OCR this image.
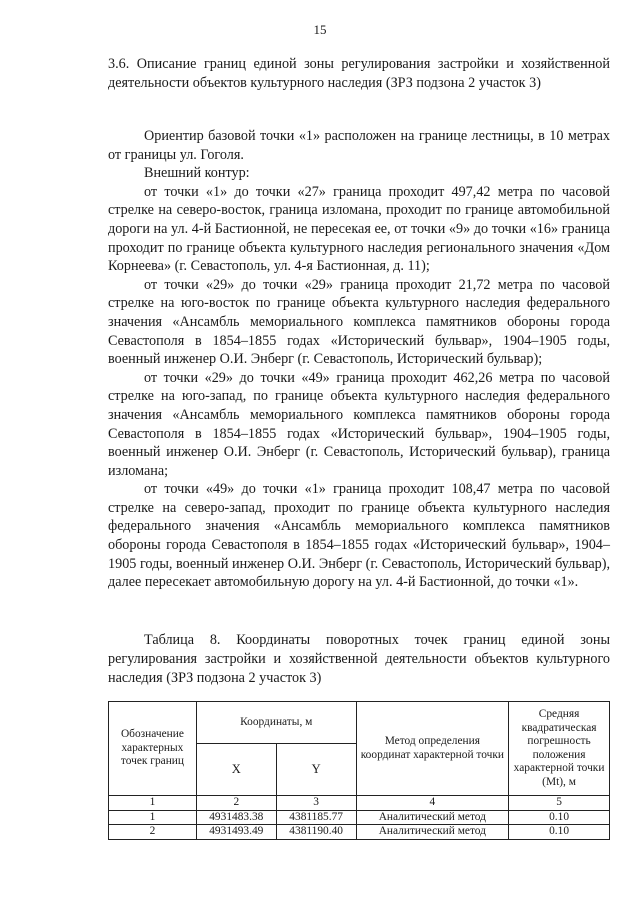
15
3.6. Описание границ единой зоны регулирования застройки и хозяйственной деятельности объектов культурного наследия (ЗРЗ подзона 2 участок 3)

Ориентир базовой точки «1» расположен на границе лестницы, в 10 метрах от границы ул. Гоголя.

Внешний контур:

от точки «1» до точки «27» граница проходит 497,42 метра по часовой стрелке на северо-восток, граница изломана, проходит по границе автомобильной дороги на ул. 4-й Бастионной, не пересекая ее, от точки «9» до точки «16» граница проходит по границе объекта культурного наследия регионального значения «Дом Корнеева» (г. Севастополь, ул. 4-я Бастионная, д. 11);

от точки «29» до точки «29» граница проходит 21,72 метра по часовой стрелке на юго-восток по границе объекта культурного наследия федерального значения «Ансамбль мемориального комплекса памятников обороны города Севастополя в 1854–1855 годах «Исторический бульвар», 1904–1905 годы, военный инженер О.И. Энберг (г. Севастополь, Исторический бульвар);

от точки «29» до точки «49» граница проходит 462,26 метра по часовой стрелке на юго-запад, по границе объекта культурного наследия федерального значения «Ансамбль мемориального комплекса памятников обороны города Севастополя в 1854–1855 годах «Исторический бульвар», 1904–1905 годы, военный инженер О.И. Энберг (г. Севастополь, Исторический бульвар), граница изломана;

от точки «49» до точки «1» граница проходит 108,47 метра по часовой стрелке на северо-запад, проходит по границе объекта культурного наследия федерального значения «Ансамбль мемориального комплекса памятников обороны города Севастополя в 1854–1855 годах «Исторический бульвар», 1904–1905 годы, военный инженер О.И. Энберг (г. Севастополь, Исторический бульвар), далее пересекает автомобильную дорогу на ул. 4-й Бастионной, до точки «1».

Таблица 8. Координаты поворотных точек границ единой зоны регулирования застройки и хозяйственной деятельности объектов культурного наследия (ЗРЗ подзона 2 участок 3)
Обозначение характерных точек границ	Координаты, м		Метод определения координат характерной точки	Средняя квадратическая погрешность положения характерной точки (Mt), м
	X	Y		
1	2	3	4	5
1	4931483.38	4381185.77	Аналитический метод	0.10
2	4931493.49	4381190.40	Аналитический метод	0.10
